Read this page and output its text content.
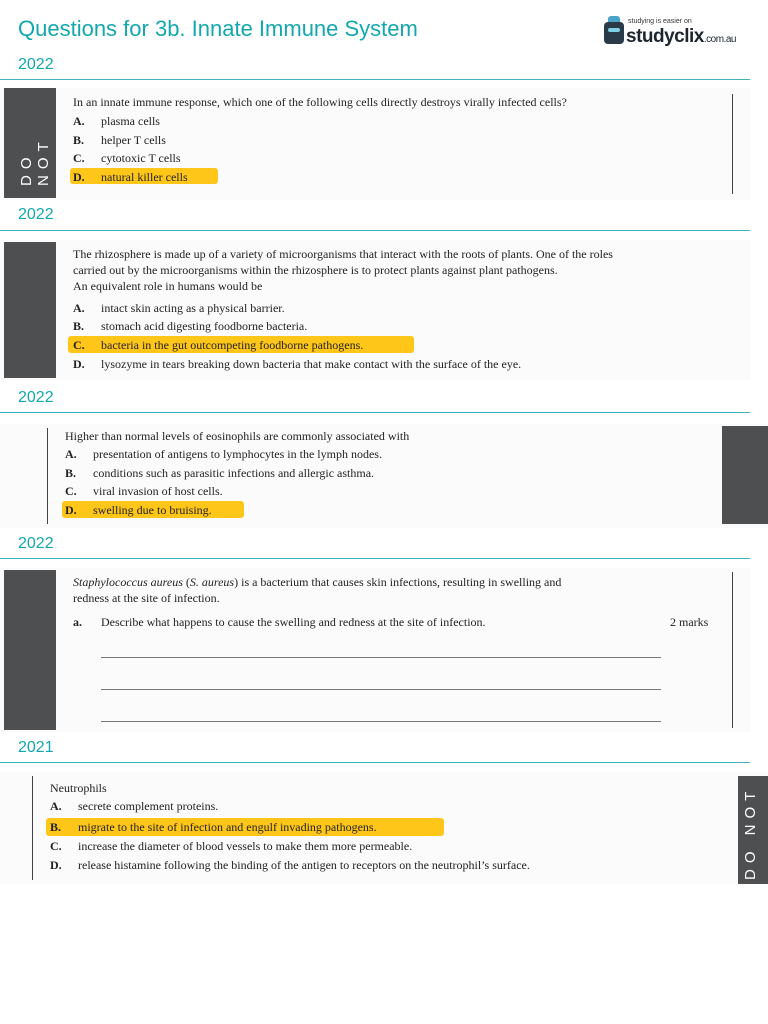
Questions for 3b. Innate Immune System	studying is easier on
studyclix.com.au
2022
DO NOT
In an innate immune response, which one of the following cells directly destroys virally infected cells?
A. plasma cells
B. helper T cells
C. cytotoxic T cells
D. natural killer cells
2022
The rhizosphere is made up of a variety of microorganisms that interact with the roots of plants. One of the roles
carried out by the microorganisms within the rhizosphere is to protect plants against plant pathogens.
An equivalent role in humans would be
A. intact skin acting as a physical barrier.
B. stomach acid digesting foodborne bacteria.
C. bacteria in the gut outcompeting foodborne pathogens.
D. lysozyme in tears breaking down bacteria that make contact with the surface of the eye.
2022
Higher than normal levels of eosinophils are commonly associated with
A. presentation of antigens to lymphocytes in the lymph nodes.
B. conditions such as parasitic infections and allergic asthma.
C. viral invasion of host cells.
D. swelling due to bruising.
2022
Staphylococcus aureus (S. aureus) is a bacterium that causes skin infections, resulting in swelling and
redness at the site of infection.
a. Describe what happens to cause the swelling and redness at the site of infection.	2 marks
2021
DO NOT
Neutrophils
A. secrete complement proteins.
B. migrate to the site of infection and engulf invading pathogens.
C. increase the diameter of blood vessels to make them more permeable.
D. release histamine following the binding of the antigen to receptors on the neutrophil’s surface.
